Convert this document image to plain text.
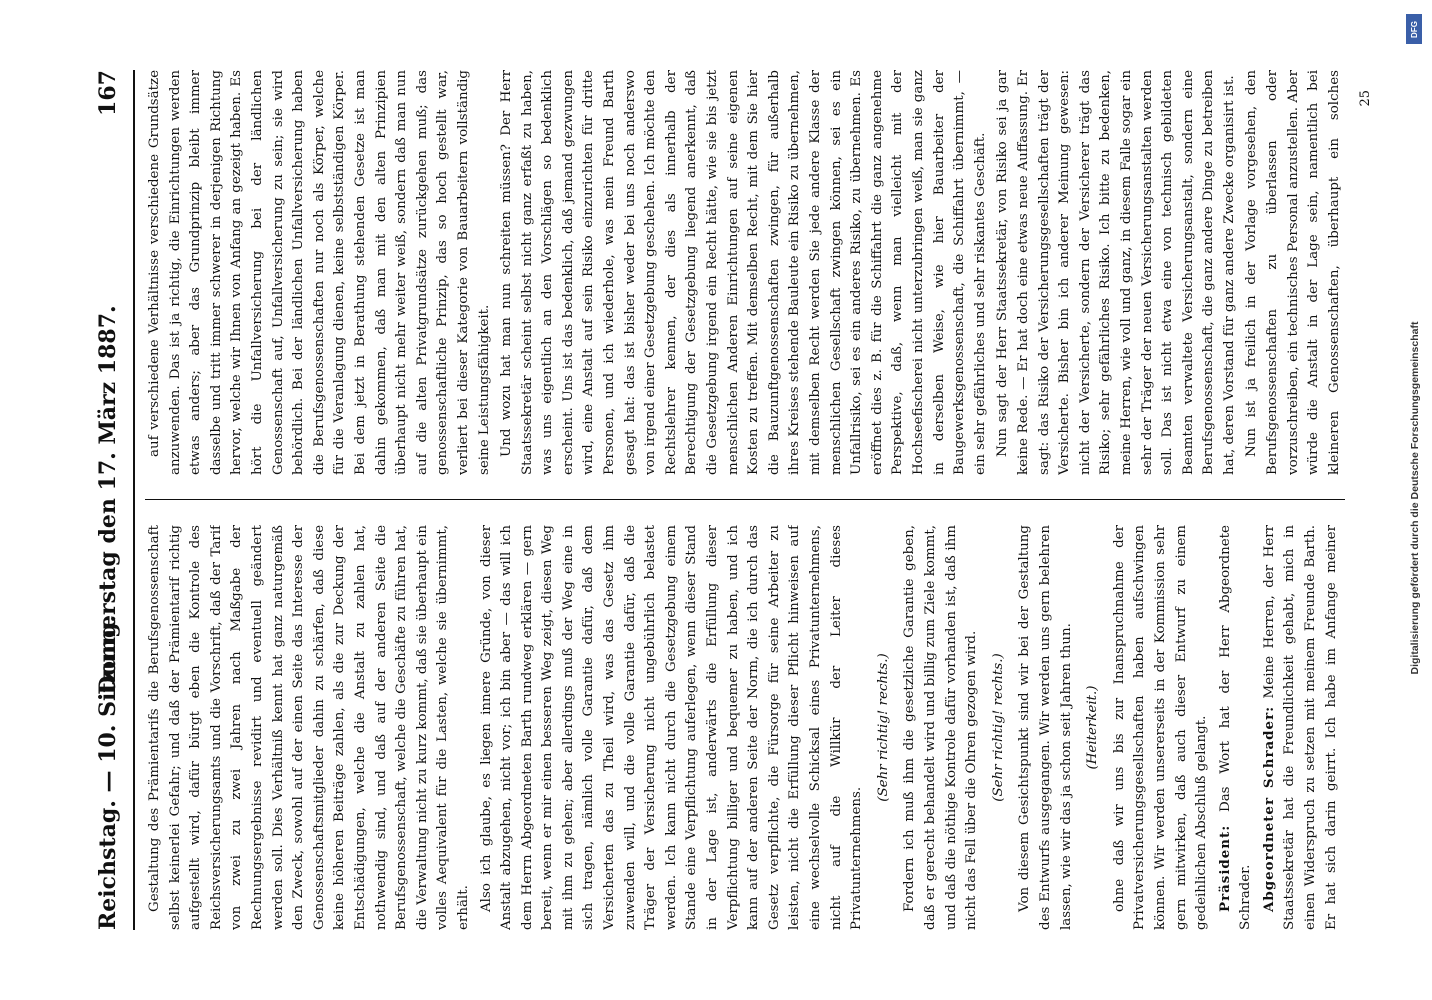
Reichstag. — 10. Sitzung.
Donnerstag den 17. März 1887.
167

Gestaltung des Prämientarifs die Berufsgenossenschaft selbst keinerlei Gefahr; und daß der Prämientarif richtig aufgestellt wird, dafür bürgt eben die Kontrole des Reichsversicherungsamts und die Vorschrift, daß der Tarif von zwei zu zwei Jahren nach Maßgabe der Rechnungsergebnisse revidirt und eventuell geändert werden soll. Dies Verhältniß kennt hat ganz naturgemäß den Zweck, sowohl auf der einen Seite das Interesse der Genossenschaftsmitglieder dahin zu schärfen, daß diese keine höheren Beiträge zahlen, als die zur Deckung der Entschädigungen, welche die Anstalt zu zahlen hat, nothwendig sind, und daß auf der anderen Seite die Berufsgenossenschaft, welche die Geschäfte zu führen hat, die Verwaltung nicht zu kurz kommt, daß sie überhaupt ein volles Aequivalent für die Lasten, welche sie übernimmt, erhält. Also ich glaube, es liegen innere Gründe, von dieser Anstalt abzugehen, nicht vor; ich bin aber — das will ich dem Herrn Abgeordneten Barth rundweg erklären — gern bereit, wenn er mir einen besseren Weg zeigt, diesen Weg mit ihm zu gehen; aber allerdings muß der Weg eine in sich tragen, nämlich volle Garantie dafür, daß dem Versicherten das zu Theil wird, was das Gesetz ihm zuwenden will, und die volle Garantie dafür, daß die Träger der Versicherung nicht ungebührlich belastet werden. Ich kann nicht durch die Gesetzgebung einem Stande eine Verpflichtung auferlegen, wenn dieser Stand in der Lage ist, anderwärts die Erfüllung dieser Verpflichtung billiger und bequemer zu haben, und ich kann auf der anderen Seite der Norm, die ich durch das Gesetz verpflichte, die Fürsorge für seine Arbeiter zu leisten, nicht die Erfüllung dieser Pflicht hinweisen auf eine wechselvolle Schicksal eines Privatunternehmens, nicht auf die Willkür der Leiter dieses Privatunternehmens.

(Sehr richtig! rechts.) Fordern ich muß ihm die gesetzliche Garantie geben, daß er gerecht behandelt wird und billig zum Ziele kommt, und daß die nöthige Kontrole dafür vorhanden ist, daß ihm nicht das Fell über die Ohren gezogen wird. (Sehr richtig! rechts.) Von diesem Gesichtspunkt sind wir bei der Gestaltung des Entwurfs ausgegangen. Wir werden uns gern belehren lassen, wie wir das ja schon seit Jahren thun. (Heiterkeit.) ohne daß wir uns bis zur Inanspruchnahme der Privatversicherungsgesellschaften haben aufschwingen können. Wir werden unsererseits in der Kommission sehr gern mitwirken, daß auch dieser Entwurf zu einem gedeihlichen Abschluß gelangt. Präsident: Das Wort hat der Herr Abgeordnete Schrader. Abgeordneter Schrader: Meine Herren, der Herr Staatssekretär hat die Freundlichkeit gehabt, mich in einen Widerspruch zu setzen mit meinem Freunde Barth. Er hat sich darin geirrt. Ich habe im Anfange meiner

auf verschiedene Verhältnisse verschiedene Grundsätze anzuwenden. Das ist ja richtig, die Einrichtungen werden etwas anders; aber das Grundprinzip bleibt immer dasselbe und tritt immer schwerer in derjenigen Richtung hervor, welche wir Ihnen von Anfang an gezeigt haben. Es hört die Unfallversicherung bei der ländlichen Genossenschaft auf, Unfallversicherung zu sein; sie wird behördlich. Bei der ländlichen Unfallversicherung haben die Berufsgenossenschaften nur noch als Körper, welche für die Veranlagung dienen, keine selbstständigen Körper. Bei dem jetzt in Berathung stehenden Gesetze ist man dahin gekommen, daß man mit den alten Prinzipien überhaupt nicht mehr weiter weiß, sondern daß man nun auf die alten Privatgrundsätze zurückgehen muß; das genossenschaftliche Prinzip, das so hoch gestellt war, verliert bei dieser Kategorie von Bauarbeitern vollständig seine Leistungsfähigkeit. Und wozu hat man nun schreiten müssen? Der Herr Staatssekretär scheint selbst nicht ganz erfaßt zu haben, was uns eigentlich an den Vorschlägen so bedenklich erscheint. Uns ist das bedenklich, daß jemand gezwungen wird, eine Anstalt auf sein Risiko einzurichten für dritte Personen, und ich wiederhole, was mein Freund Barth gesagt hat: das ist bisher weder bei uns noch anderswo von irgend einer Gesetzgebung geschehen. Ich möchte den Rechtslehrer kennen, der dies als innerhalb der Berechtigung der Gesetzgebung liegend anerkennt, daß die Gesetzgebung irgend ein Recht hätte, wie sie bis jetzt menschlichen Anderen Einrichtungen auf seine eigenen Kosten zu treffen. Mit demselben Recht, mit dem Sie hier die Bauzunftgenossenschaften zwingen, für außerhalb ihres Kreises stehende Bauleute ein Risiko zu übernehmen, mit demselben Recht werden Sie jede andere Klasse der menschlichen Gesellschaft zwingen können, sei es ein Unfallrisiko, sei es ein anderes Risiko, zu übernehmen. Es eröffnet dies z. B. für die Schiffahrt die ganz angenehme Perspektive, daß, wenn man vielleicht mit der Hochseefischerei nicht unterzubringen weiß, man sie ganz in derselben Weise, wie hier Bauarbeiter der Baugewerksgenossenschaft, die Schiffahrt übernimmt, — ein sehr gefährliches und sehr riskantes Geschäft. Nun sagt der Herr Staatssekretär, von Risiko sei ja gar keine Rede. — Er hat doch eine etwas neue Auffassung. Er sagt: das Risiko der Versicherungsgesellschaften trägt der Versicherte. Bisher bin ich anderer Meinung gewesen: nicht der Versicherte, sondern der Versicherer trägt das Risiko; sehr gefährliches Risiko. Ich bitte zu bedenken, meine Herren, wie voll und ganz, in diesem Falle sogar ein sehr der Träger der neuen Versicherungsanstalten werden soll. Das ist nicht etwa eine von technisch gebildeten Beamten verwaltete Versicherungsanstalt, sondern eine Berufsgenossenschaft, die ganz andere Dinge zu betreiben hat, deren Vorstand für ganz andere Zwecke organisirt ist. Nun ist ja freilich in der Vorlage vorgesehen, den Berufsgenossenschaften zu überlassen oder vorzuschreiben, ein technisches Personal anzustellen. Aber würde die Anstalt in der Lage sein, namentlich bei kleineren Genossenschaften, überhaupt ein solches	25
Digitalisierung gefördert durch die Deutsche Forschungsgemeinschaft
DFG
